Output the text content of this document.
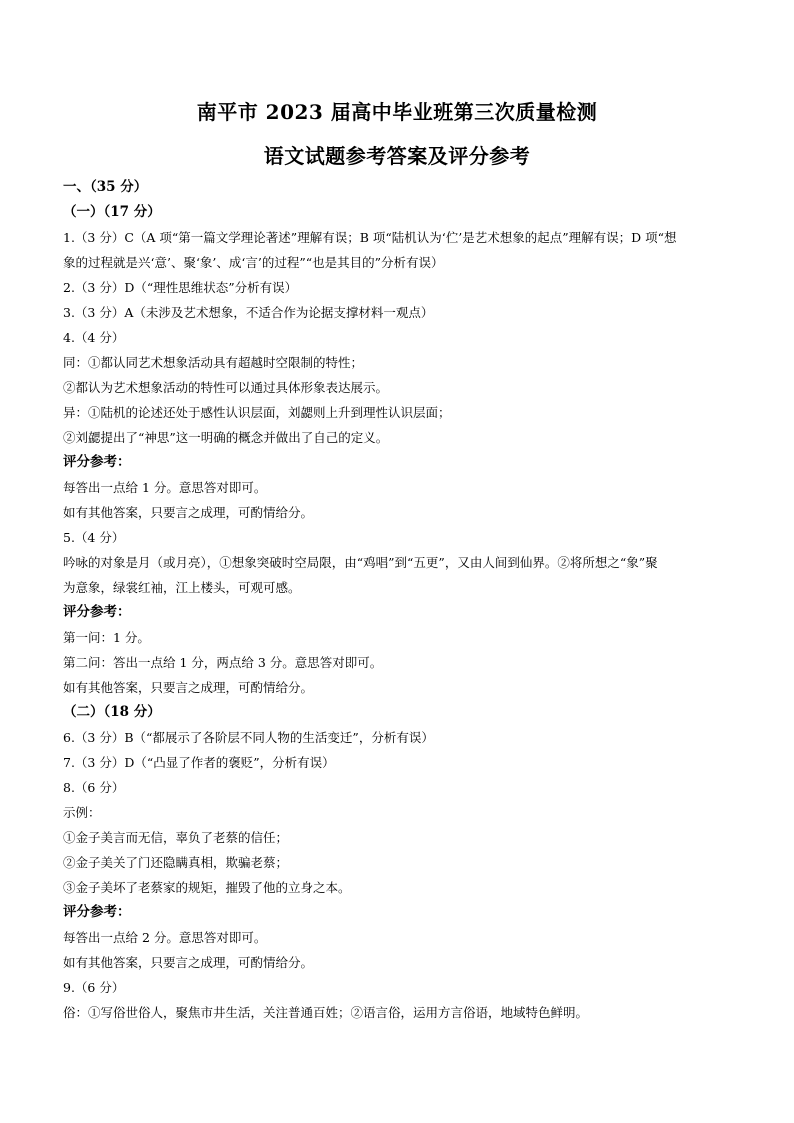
南平市 2023 届高中毕业班第三次质量检测
语文试题参考答案及评分参考
一、（35 分）
（一）（17 分）
1.（3 分）C（A 项“第一篇文学理论著述”理解有误；B 项“陆机认为‘伫’是艺术想象的起点”理解有误；D 项“想
象的过程就是兴‘意’、聚‘象’、成‘言’的过程”“也是其目的”分析有误）
2.（3 分）D（“理性思维状态”分析有误）
3.（3 分）A（未涉及艺术想象，不适合作为论据支撑材料一观点）
4.（4 分）
同：①都认同艺术想象活动具有超越时空限制的特性；
②都认为艺术想象活动的特性可以通过具体形象表达展示。
异：①陆机的论述还处于感性认识层面，刘勰则上升到理性认识层面；
②刘勰提出了“神思”这一明确的概念并做出了自己的定义。
评分参考：
每答出一点给 1 分。意思答对即可。
如有其他答案，只要言之成理，可酌情给分。
5.（4 分）
吟咏的对象是月（或月亮），①想象突破时空局限，由“鸡唱”到“五更”，又由人间到仙界。②将所想之“象”聚
为意象，绿裳红袖，江上楼头，可观可感。
评分参考：
第一问：1 分。
第二问：答出一点给 1 分，两点给 3 分。意思答对即可。
如有其他答案，只要言之成理，可酌情给分。
（二）（18 分）
6.（3 分）B（“都展示了各阶层不同人物的生活变迁”，分析有误）
7.（3 分）D（“凸显了作者的褒贬”，分析有误）
8.（6 分）
示例：
①金子美言而无信，辜负了老蔡的信任；
②金子美关了门还隐瞒真相，欺骗老蔡；
③金子美坏了老蔡家的规矩，摧毁了他的立身之本。
评分参考：
每答出一点给 2 分。意思答对即可。
如有其他答案，只要言之成理，可酌情给分。
9.（6 分）
俗：①写俗世俗人，聚焦市井生活，关注普通百姓；②语言俗，运用方言俗语，地域特色鲜明。
